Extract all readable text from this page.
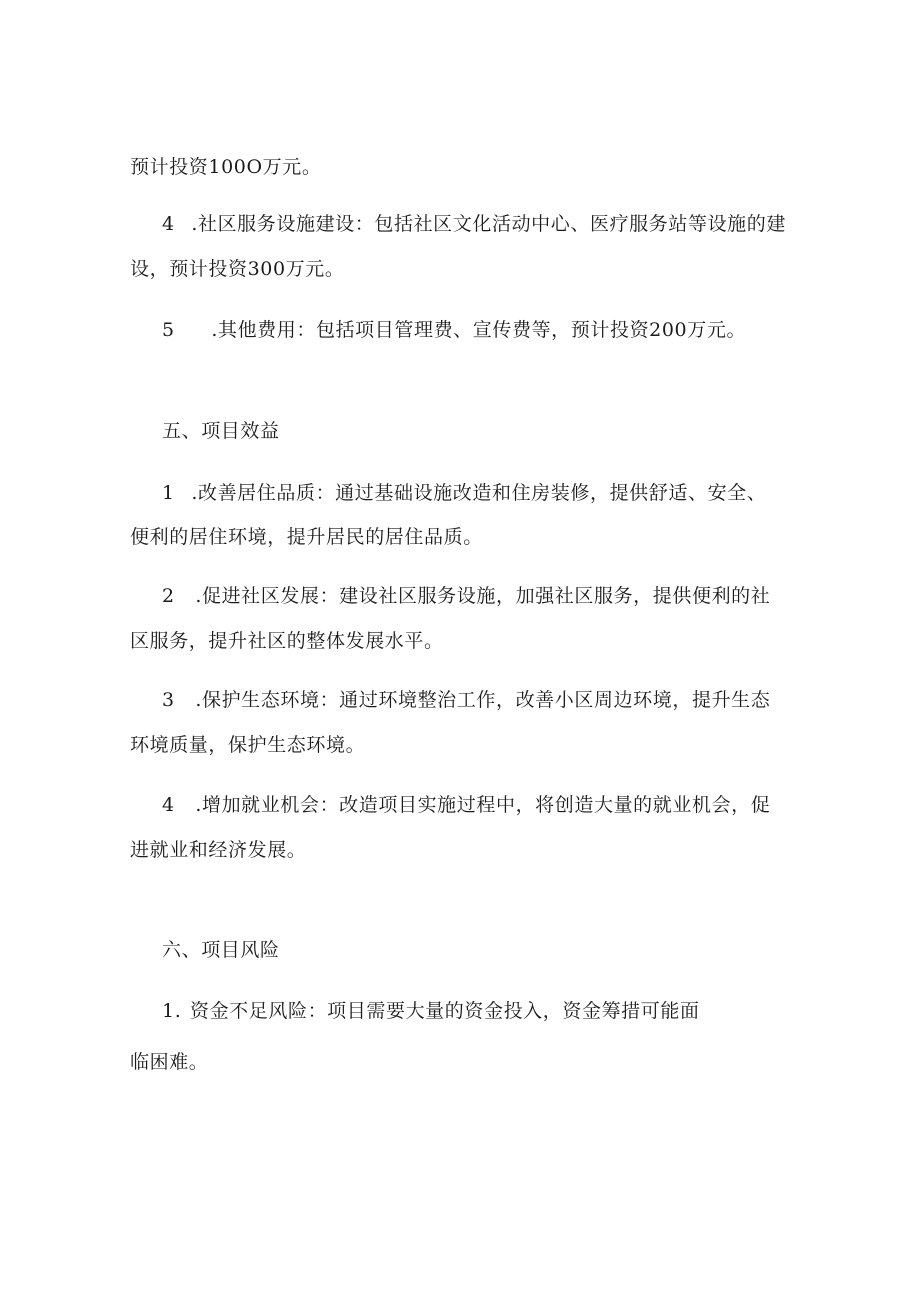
预计投资100O万元。
4 .社区服务设施建设：包括社区文化活动中心、医疗服务站等设施的建
设，预计投资300万元。
5 .其他费用：包括项目管理费、宣传费等，预计投资200万元。
五、项目效益
1 .改善居住品质：通过基础设施改造和住房装修，提供舒适、安全、
便利的居住环境，提升居民的居住品质。
2 .促进社区发展：建设社区服务设施，加强社区服务，提供便利的社
区服务，提升社区的整体发展水平。
3 .保护生态环境：通过环境整治工作，改善小区周边环境，提升生态
环境质量，保护生态环境。
4 .增加就业机会：改造项目实施过程中，将创造大量的就业机会，促
进就业和经济发展。
六、项目风险
1. 资金不足风险：项目需要大量的资金投入，资金筹措可能面
临困难。
